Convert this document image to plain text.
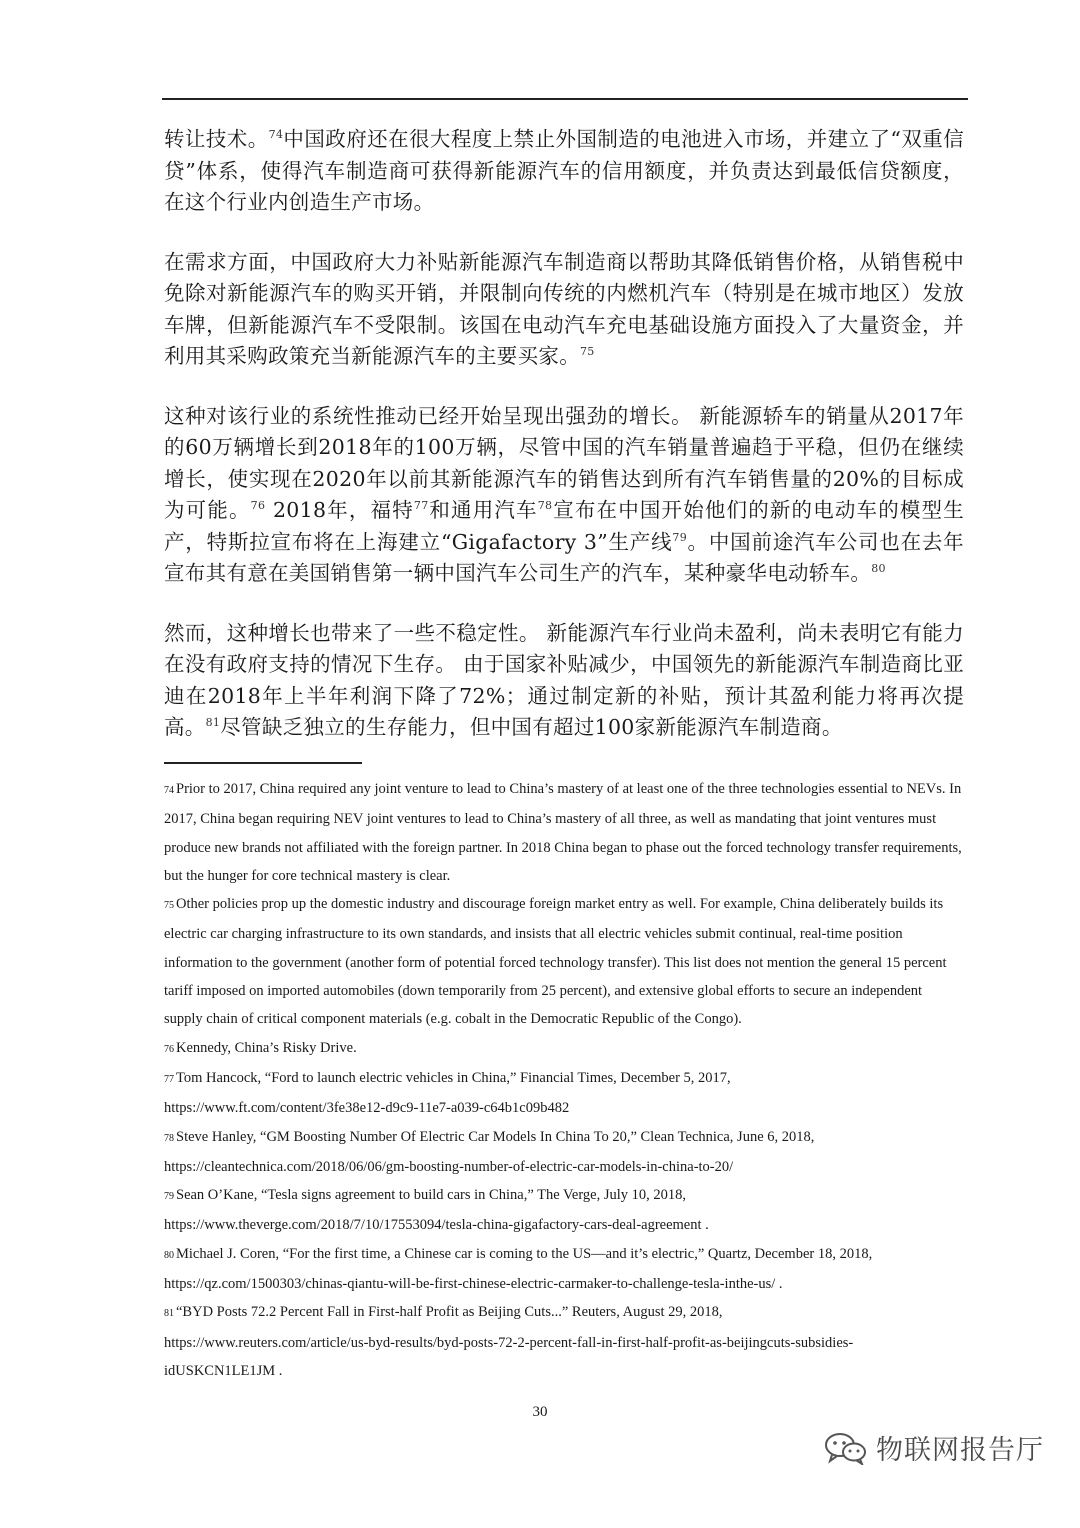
转让技术。$^{74}$中国政府还在很大程度上禁止外国制造的电池进入市场，并建立了“双重信贷”体系，使得汽车制造商可获得新能源汽车的信用额度，并负责达到最低信贷额度，在这个行业内创造生产市场。

在需求方面，中国政府大力补贴新能源汽车制造商以帮助其降低销售价格，从销售税中免除对新能源汽车的购买开销，并限制向传统的内燃机汽车（特别是在城市地区）发放车牌，但新能源汽车不受限制。该国在电动汽车充电基础设施方面投入了大量资金，并利用其采购政策充当新能源汽车的主要买家。$^{75}$

这种对该行业的系统性推动已经开始呈现出强劲的增长。 新能源轿车的销量从2017年的60万辆增长到2018年的100万辆，尽管中国的汽车销量普遍趋于平稳，但仍在继续增长，使实现在2020年以前其新能源汽车的销售达到所有汽车销售量的20%的目标成为可能。$^{76}$ 2018年，福特$^{77}$和通用汽车$^{78}$宣布在中国开始他们的新的电动车的模型生产，特斯拉宣布将在上海建立“Gigafactory 3”生产线$^{79}$。中国前途汽车公司也在去年宣布其有意在美国销售第一辆中国汽车公司生产的汽车，某种豪华电动轿车。$^{80}$

然而，这种增长也带来了一些不稳定性。 新能源汽车行业尚未盈利，尚未表明它有能力在没有政府支持的情况下生存。 由于国家补贴减少，中国领先的新能源汽车制造商比亚迪在2018年上半年利润下降了72%；通过制定新的补贴，预计其盈利能力将再次提高。$^{81}$尽管缺乏独立的生存能力，但中国有超过100家新能源汽车制造商。

74 Prior to 2017, China required any joint venture to lead to China’s mastery of at least one of the three technologies essential to NEVs. In 2017, China began requiring NEV joint ventures to lead to China’s mastery of all three, as well as mandating that joint ventures must produce new brands not affiliated with the foreign partner. In 2018 China began to phase out the forced technology transfer requirements, but the hunger for core technical mastery is clear.
75 Other policies prop up the domestic industry and discourage foreign market entry as well. For example, China deliberately builds its electric car charging infrastructure to its own standards, and insists that all electric vehicles submit continual, real-time position information to the government (another form of potential forced technology transfer). This list does not mention the general 15 percent tariff imposed on imported automobiles (down temporarily from 25 percent), and extensive global efforts to secure an independent supply chain of critical component materials (e.g. cobalt in the Democratic Republic of the Congo).
76 Kennedy, China’s Risky Drive.
77 Tom Hancock, “Ford to launch electric vehicles in China,” Financial Times, December 5, 2017,
https://www.ft.com/content/3fe38e12-d9c9-11e7-a039-c64b1c09b482
78 Steve Hanley, “GM Boosting Number Of Electric Car Models In China To 20,” Clean Technica, June 6, 2018,
https://cleantechnica.com/2018/06/06/gm-boosting-number-of-electric-car-models-in-china-to-20/
79 Sean O’Kane, “Tesla signs agreement to build cars in China,” The Verge, July 10, 2018,
https://www.theverge.com/2018/7/10/17553094/tesla-china-gigafactory-cars-deal-agreement .
80 Michael J. Coren, “For the first time, a Chinese car is coming to the US—and it’s electric,” Quartz, December 18, 2018,
https://qz.com/1500303/chinas-qiantu-will-be-first-chinese-electric-carmaker-to-challenge-tesla-inthe-us/ .
81 “BYD Posts 72.2 Percent Fall in First-half Profit as Beijing Cuts...” Reuters, August 29, 2018,
https://www.reuters.com/article/us-byd-results/byd-posts-72-2-percent-fall-in-first-half-profit-as-beijingcuts-subsidies-idUSKCN1LE1JM .
30
物联网报告厅
